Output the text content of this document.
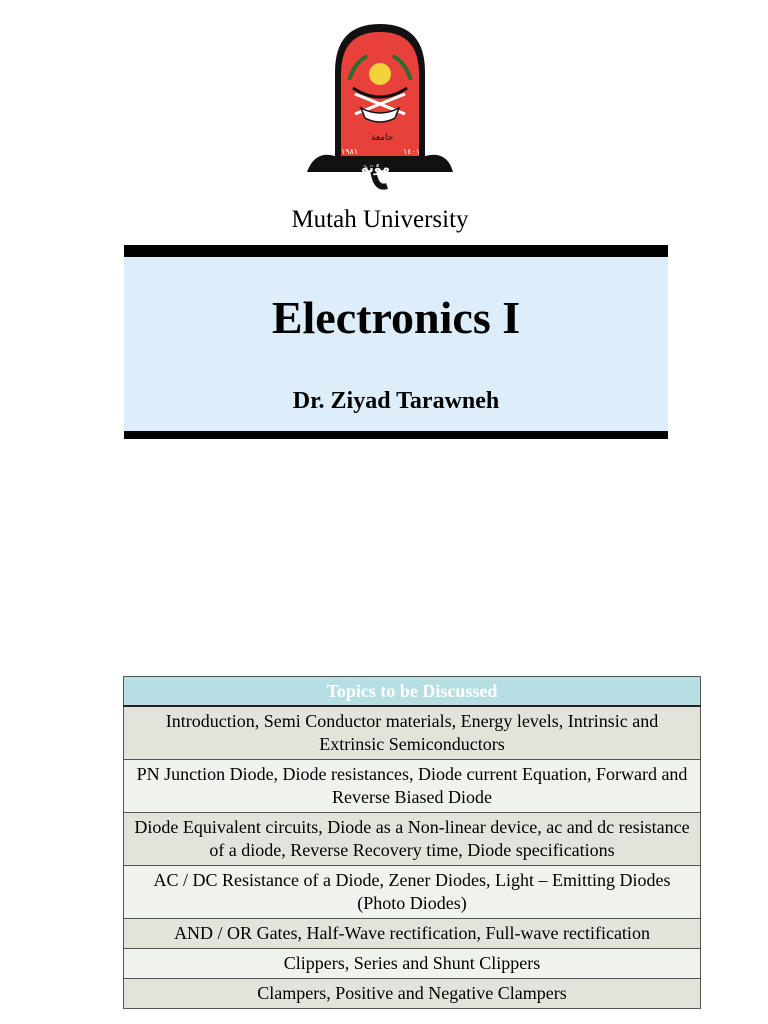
جامعة
١٩٨١	١٤٠١
مؤتة
Mutah University
Electronics I
Dr. Ziyad Tarawneh
Topics to be Discussed
Introduction, Semi Conductor materials, Energy levels, Intrinsic and Extrinsic Semiconductors
PN Junction Diode, Diode resistances, Diode current Equation, Forward and Reverse Biased Diode
Diode Equivalent circuits, Diode as a Non-linear device, ac and dc resistance of a diode, Reverse Recovery time, Diode specifications
AC / DC Resistance of a Diode, Zener Diodes, Light – Emitting Diodes (Photo Diodes)
AND / OR Gates, Half-Wave rectification, Full-wave rectification
Clippers, Series and Shunt Clippers
Clampers, Positive and Negative Clampers
